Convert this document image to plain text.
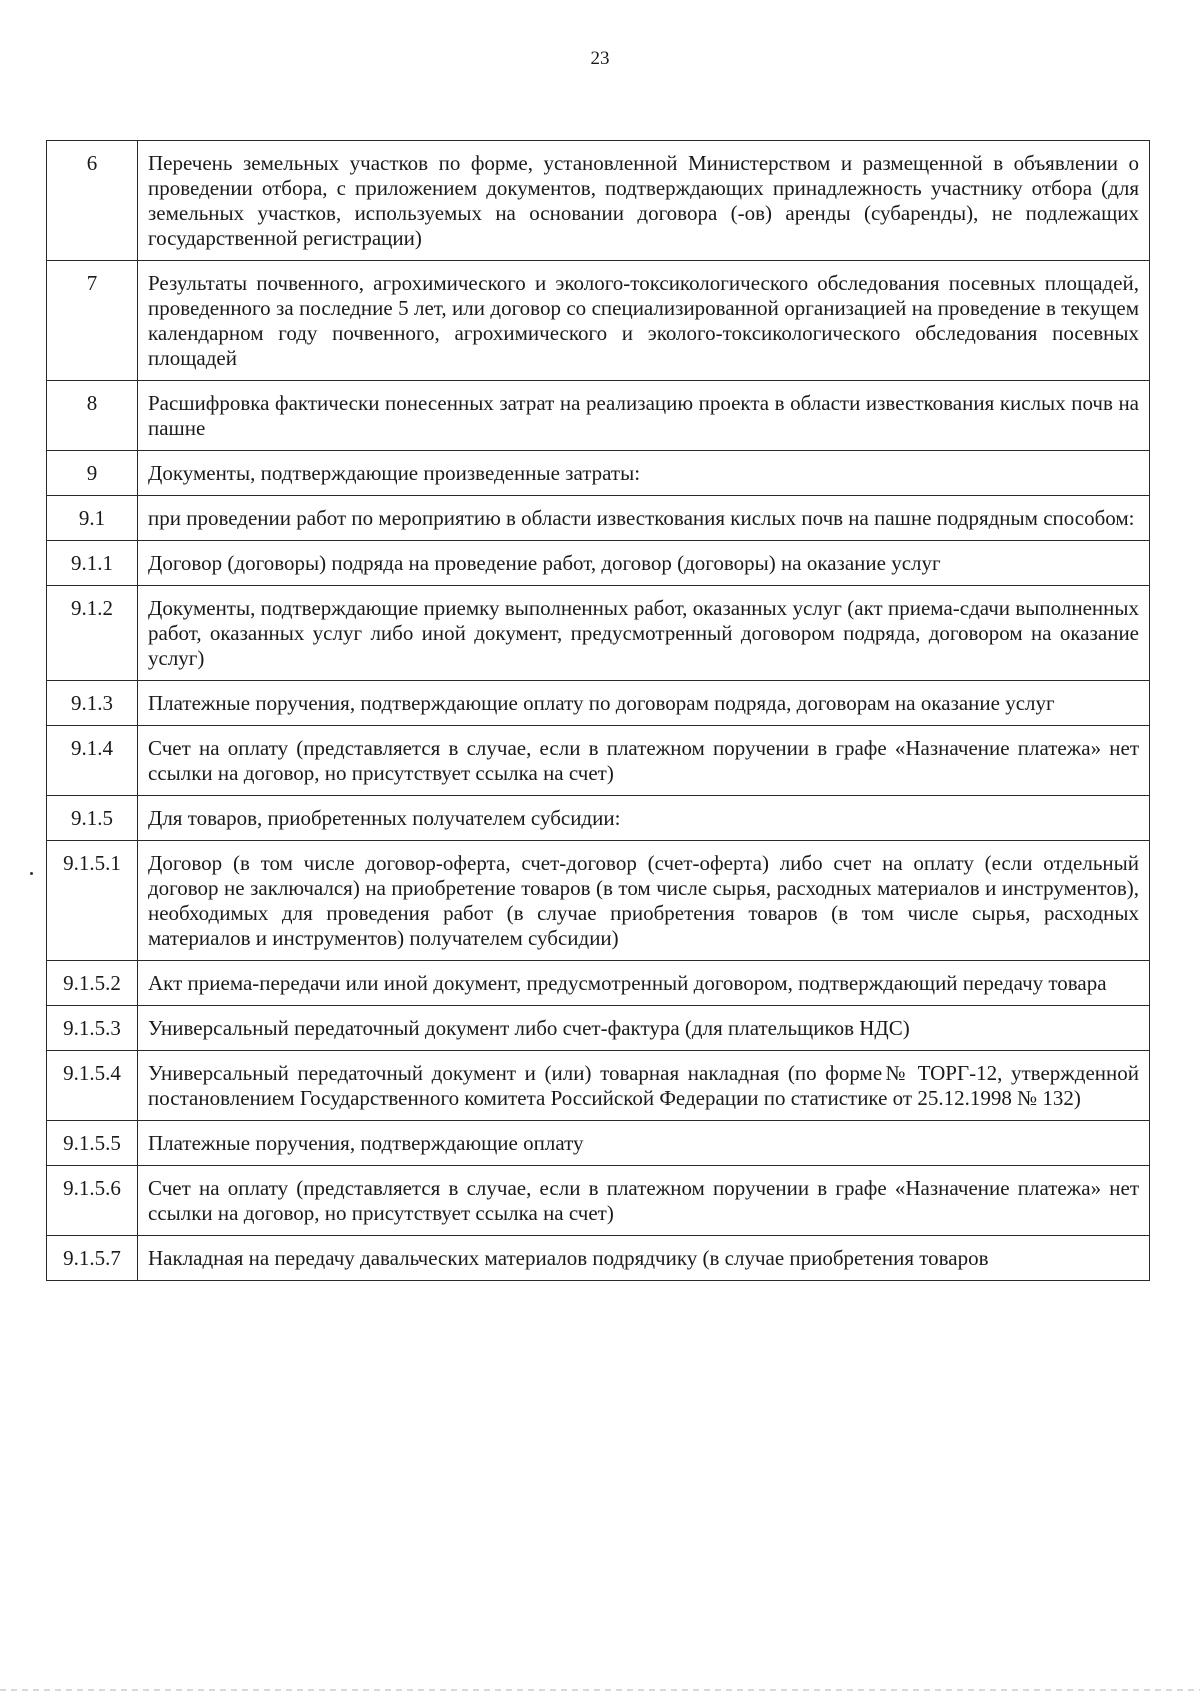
23
6	Перечень земельных участков по форме, установленной Министерством и размещенной в объявлении о проведении отбора, с приложением документов, подтверждающих принадлежность участнику отбора (для земельных участков, используемых на основании договора (-ов) аренды (субаренды), не подлежащих государственной регистрации)
7	Результаты почвенного, агрохимического и эколого-токсикологического обследования посевных площадей, проведенного за последние 5 лет, или договор со специализированной организацией на проведение в текущем календарном году почвенного, агрохимического и эколого-токсикологического обследования посевных площадей
8	Расшифровка фактически понесенных затрат на реализацию проекта в области известкования кислых почв на пашне
9	Документы, подтверждающие произведенные затраты:
9.1	при проведении работ по мероприятию в области известкования кислых почв на пашне подрядным способом:
9.1.1	Договор (договоры) подряда на проведение работ, договор (договоры) на оказание услуг
9.1.2	Документы, подтверждающие приемку выполненных работ, оказанных услуг (акт приема-сдачи выполненных работ, оказанных услуг либо иной документ, предусмотренный договором подряда, договором на оказание услуг)
9.1.3	Платежные поручения, подтверждающие оплату по договорам подряда, договорам на оказание услуг
9.1.4	Счет на оплату (представляется в случае, если в платежном поручении в графе «Назначение платежа» нет ссылки на договор, но присутствует ссылка на счет)
9.1.5	Для товаров, приобретенных получателем субсидии:
9.1.5.1	Договор (в том числе договор-оферта, счет-договор (счет-оферта) либо счет на оплату (если отдельный договор не заключался) на приобретение товаров (в том числе сырья, расходных материалов и инструментов), необходимых для проведения работ (в случае приобретения товаров (в том числе сырья, расходных материалов и инструментов) получателем субсидии)
9.1.5.2	Акт приема-передачи или иной документ, предусмотренный договором, подтверждающий передачу товара
9.1.5.3	Универсальный передаточный документ либо счет-фактура (для плательщиков НДС)
9.1.5.4	Универсальный передаточный документ и (или) товарная накладная (по форме№ ТОРГ-12, утвержденной постановлением Государственного комитета Российской Федерации по статистике от 25.12.1998 № 132)
9.1.5.5	Платежные поручения, подтверждающие оплату
9.1.5.6	Счет на оплату (представляется в случае, если в платежном поручении в графе «Назначение платежа» нет ссылки на договор, но присутствует ссылка на счет)
9.1.5.7	Накладная на передачу давальческих материалов подрядчику (в случае приобретения товаров
